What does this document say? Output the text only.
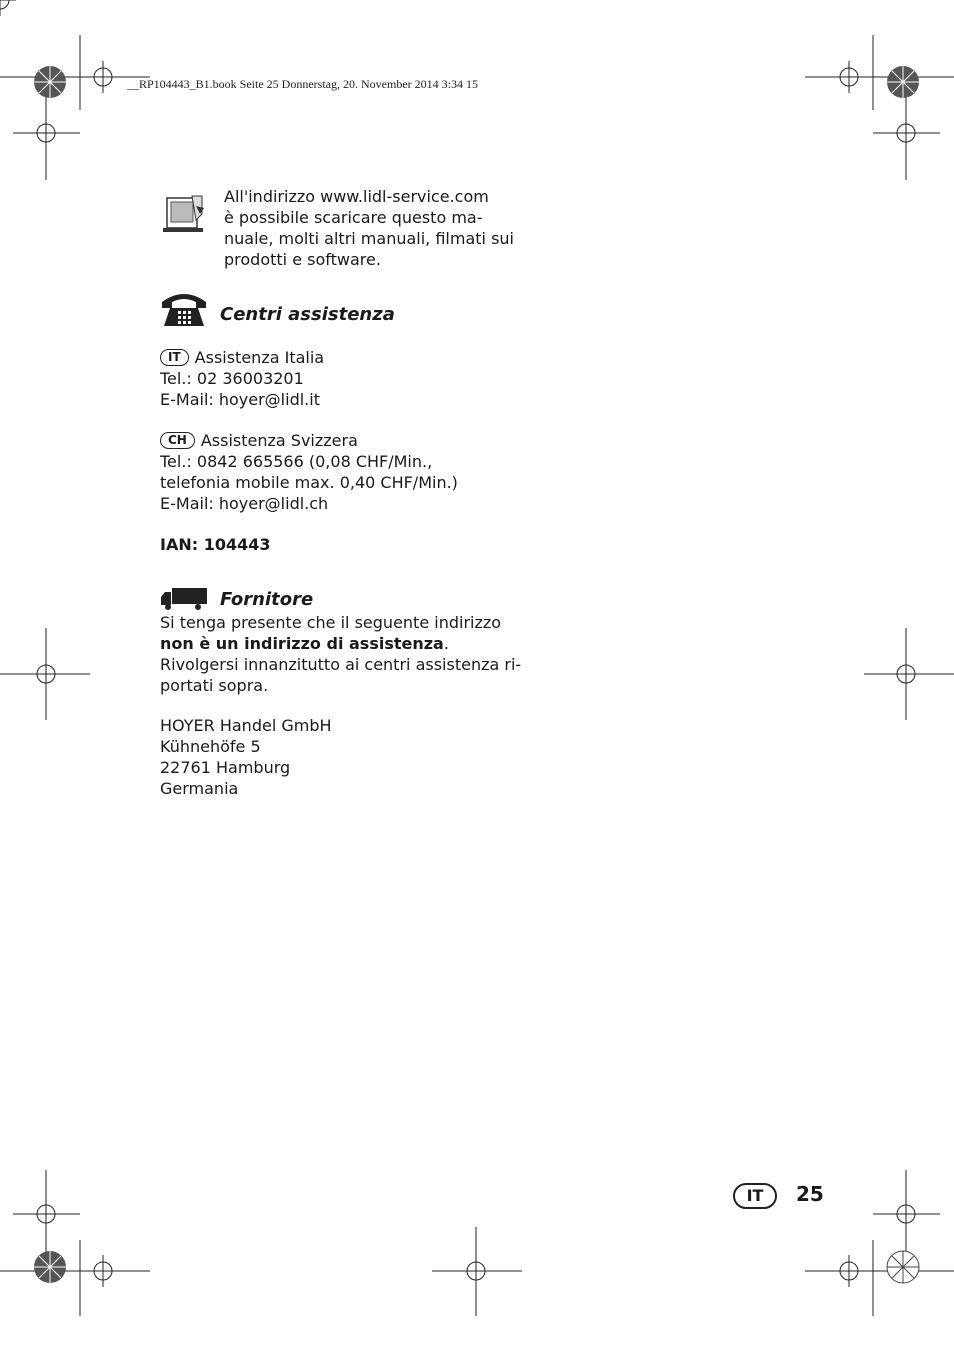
__RP104443_B1.book Seite 25 Donnerstag, 20. November 2014 3:34 15
All'indirizzo www.lidl-service.com
è possibile scaricare questo ma-
nuale, molti altri manuali, filmati sui
prodotti e software.
Centri assistenza
IT Assistenza Italia
Tel.: 02 36003201
E-Mail: hoyer@lidl.it
CH Assistenza Svizzera
Tel.: 0842 665566 (0,08 CHF/Min.,
telefonia mobile max. 0,40 CHF/Min.)
E-Mail: hoyer@lidl.ch
IAN: 104443
Fornitore
Si tenga presente che il seguente indirizzo
non è un indirizzo di assistenza.
Rivolgersi innanzitutto ai centri assistenza ri-
portati sopra.
HOYER Handel GmbH
Kühnehöfe 5
22761 Hamburg
Germania
IT	25
